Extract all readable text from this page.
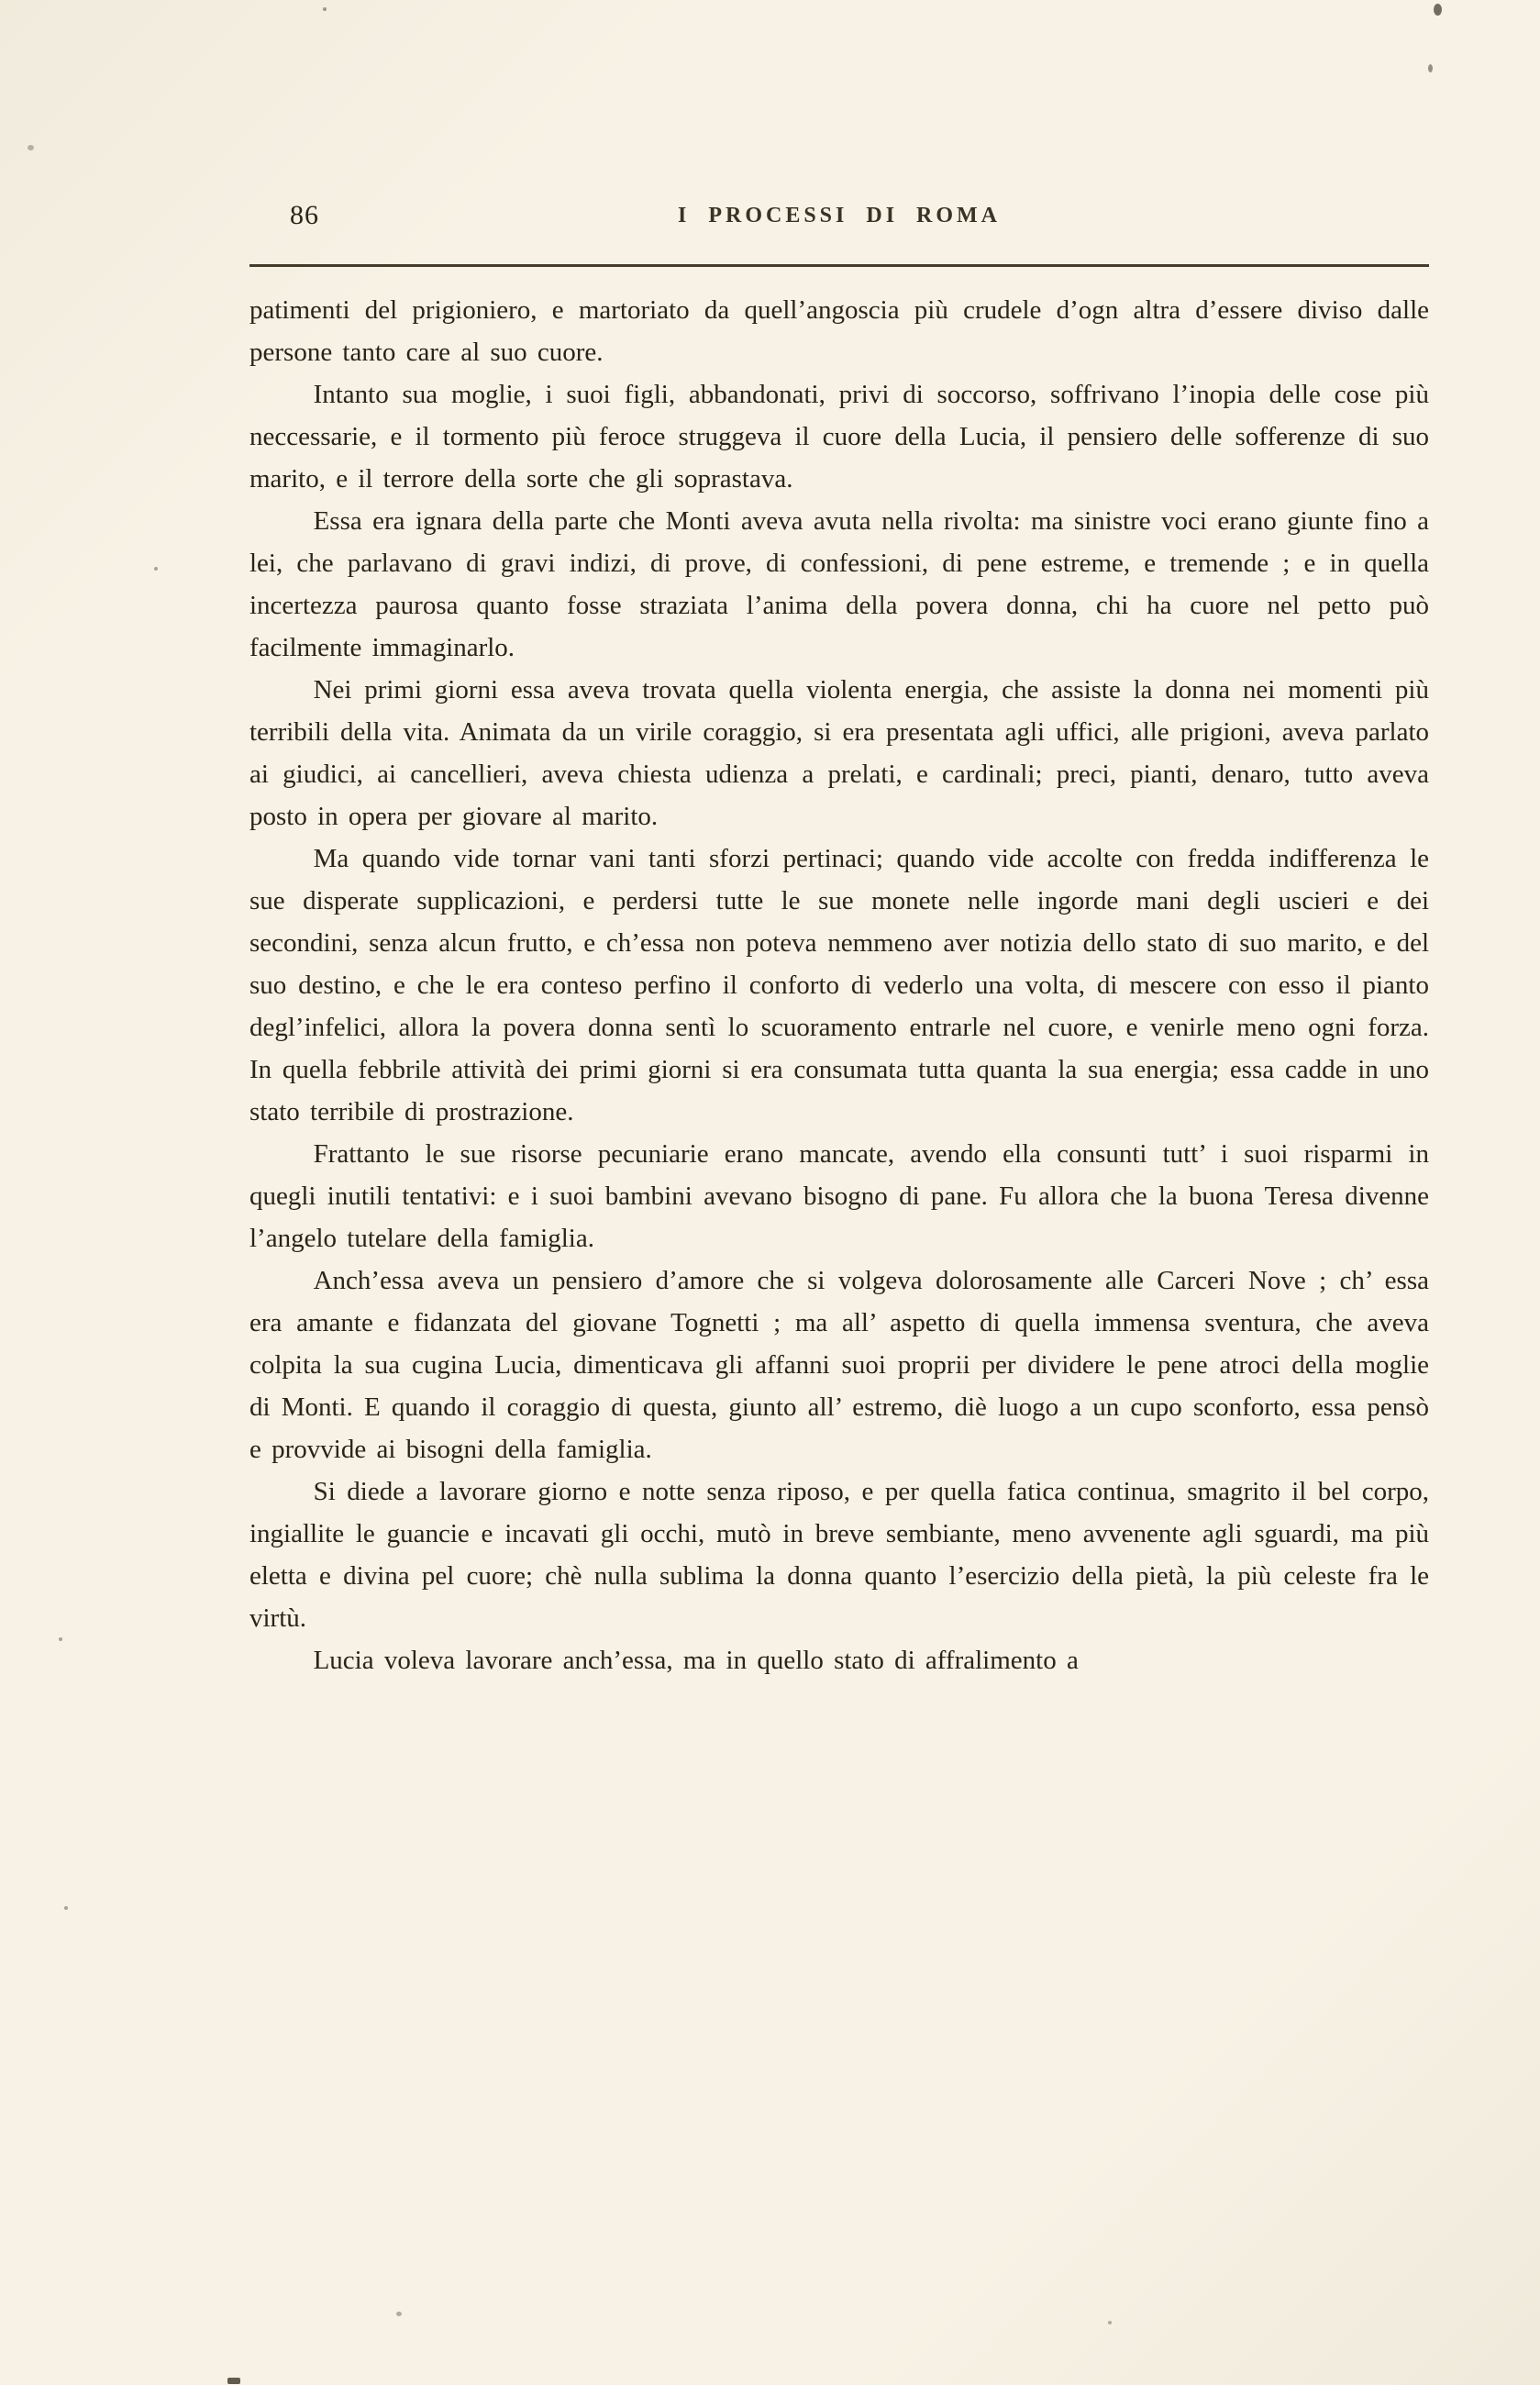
86	I PROCESSI DI ROMA

patimenti del prigioniero, e martoriato da quell’angoscia più crudele d’ogn altra d’essere diviso dalle persone tanto care al suo cuore.

Intanto sua moglie, i suoi figli, abbandonati, privi di soccorso, soffrivano l’inopia delle cose più neccessarie, e il tormento più feroce struggeva il cuore della Lucia, il pensiero delle sofferenze di suo marito, e il terrore della sorte che gli soprastava.

Essa era ignara della parte che Monti aveva avuta nella rivolta: ma sinistre voci erano giunte fino a lei, che parlavano di gravi indizi, di prove, di confessioni, di pene estreme, e tremende ; e in quella incertezza paurosa quanto fosse straziata l’anima della povera donna, chi ha cuore nel petto può facilmente immaginarlo.

Nei primi giorni essa aveva trovata quella violenta energia, che assiste la donna nei momenti più terribili della vita. Animata da un virile coraggio, si era presentata agli uffici, alle prigioni, aveva parlato ai giudici, ai cancellieri, aveva chiesta udienza a prelati, e cardinali; preci, pianti, denaro, tutto aveva posto in opera per giovare al marito.

Ma quando vide tornar vani tanti sforzi pertinaci; quando vide accolte con fredda indifferenza le sue disperate supplicazioni, e perdersi tutte le sue monete nelle ingorde mani degli uscieri e dei secondini, senza alcun frutto, e ch’essa non poteva nemmeno aver notizia dello stato di suo marito, e del suo destino, e che le era conteso perfino il conforto di vederlo una volta, di mescere con esso il pianto degl’infelici, allora la povera donna sentì lo scuoramento entrarle nel cuore, e venirle meno ogni forza. In quella febbrile attività dei primi giorni si era consumata tutta quanta la sua energia; essa cadde in uno stato terribile di prostrazione.

Frattanto le sue risorse pecuniarie erano mancate, avendo ella consunti tutt’ i suoi risparmi in quegli inutili tentativi: e i suoi bambini avevano bisogno di pane. Fu allora che la buona Teresa divenne l’angelo tutelare della famiglia.

Anch’essa aveva un pensiero d’amore che si volgeva dolorosamente alle Carceri Nove ; ch’ essa era amante e fidanzata del giovane Tognetti ; ma all’ aspetto di quella immensa sventura, che aveva colpita la sua cugina Lucia, dimenticava gli affanni suoi proprii per dividere le pene atroci della moglie di Monti. E quando il coraggio di questa, giunto all’ estremo, diè luogo a un cupo sconforto, essa pensò e provvide ai bisogni della famiglia.

Si diede a lavorare giorno e notte senza riposo, e per quella fatica continua, smagrito il bel corpo, ingiallite le guancie e incavati gli occhi, mutò in breve sembiante, meno avvenente agli sguardi, ma più eletta e divina pel cuore; chè nulla sublima la donna quanto l’esercizio della pietà, la più celeste fra le virtù.

Lucia voleva lavorare anch’essa, ma in quello stato di affralimento a
